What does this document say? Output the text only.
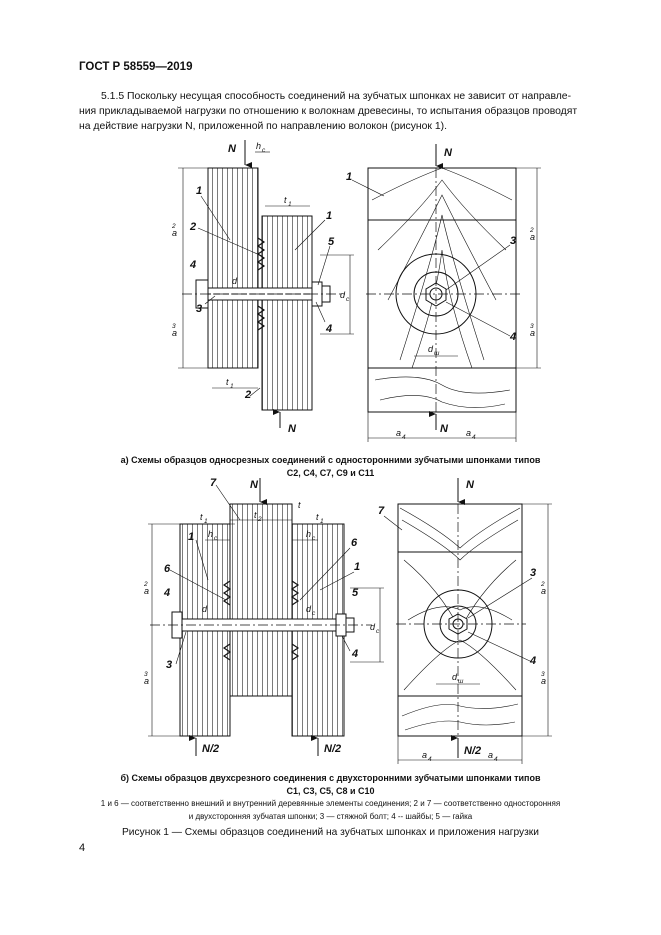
ГОСТ Р 58559—2019
5.1.5 Поскольку несущая способность соединений на зубчатых шпонках не зависит от направле-
ния прикладываемой нагрузки по отношению к волокнам древесины, то испытания образцов проводят
на действие нагрузки N, приложенной по направлению волокон (рисунок 1).
N h c
t 1
1
1
2
2
4
4
5
3
t 1
a
2
a
3
d c
d
N
N
1
3
4
a
2
a
3
d ш
a 4	a 4
N
N
7
t 2
t
t 1	t 1
h c	h c
1
1
6
6
4
4
5
3
a
2
a
3
d c
d	d c
N/2	N/2
N
7
3
4
a
2
a
3
d ш
a 4	a 4
N/2
а) Схемы образцов односрезных соединений с односторонними зубчатыми шпонками типов
С2, С4, С7, С9 и С11
б) Схемы образцов двухсрезного соединения с двухсторонними зубчатыми шпонками типов
С1, С3, С5, С8 и С10
1 и 6 — соответственно внешний и внутренний деревянные элементы соединения; 2 и 7 — соответственно односторонняя
и двухсторонняя зубчатая шпонки; 3 — стяжной болт; 4 -- шайбы; 5 — гайка
Рисунок 1 — Схемы образцов соединений на зубчатых шпонках и приложения нагрузки
4
